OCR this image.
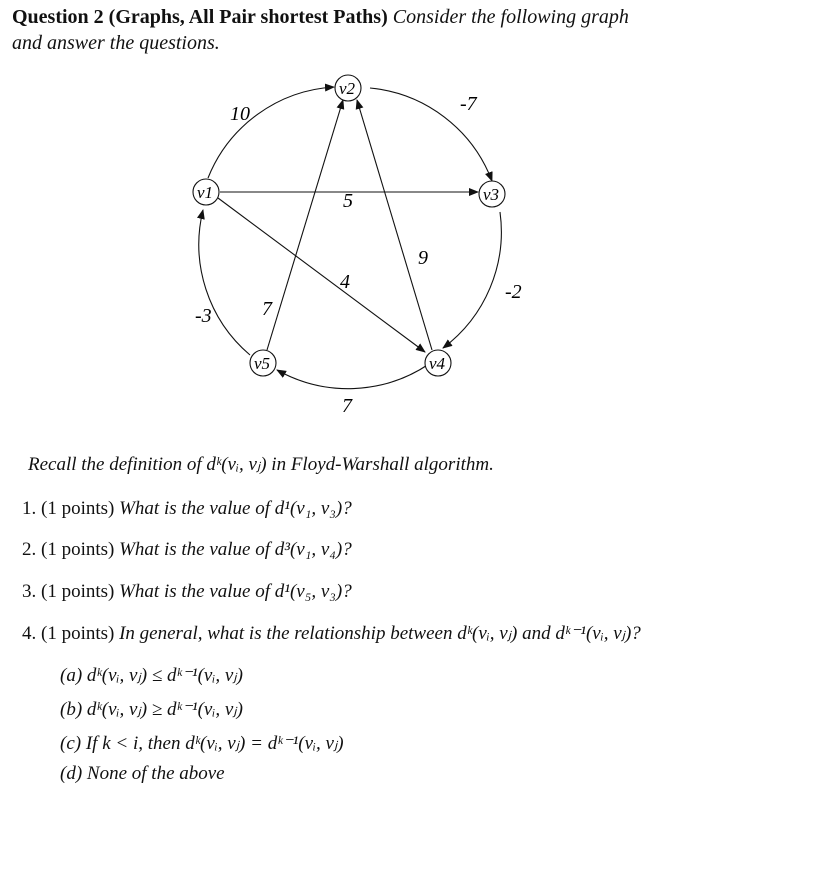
Question 2 (Graphs, All Pair shortest Paths) Consider the following graph
and answer the questions.
v2
v1	v3
v4
v5
10	-7
5
-2
9
4
7
-3
7
Recall the definition of dᵏ(vᵢ, vⱼ) in Floyd-Warshall algorithm.
1. (1 points) What is the value of d¹(v₁, v₃)?
2. (1 points) What is the value of d³(v₁, v₄)?
3. (1 points) What is the value of d¹(v₅, v₃)?
4. (1 points) In general, what is the relationship between dᵏ(vᵢ, vⱼ) and dᵏ⁻¹(vᵢ, vⱼ)?
(a) dᵏ(vᵢ, vⱼ) ≤ dᵏ⁻¹(vᵢ, vⱼ)
(b) dᵏ(vᵢ, vⱼ) ≥ dᵏ⁻¹(vᵢ, vⱼ)
(c) If k < i, then dᵏ(vᵢ, vⱼ) = dᵏ⁻¹(vᵢ, vⱼ)
(d) None of the above
